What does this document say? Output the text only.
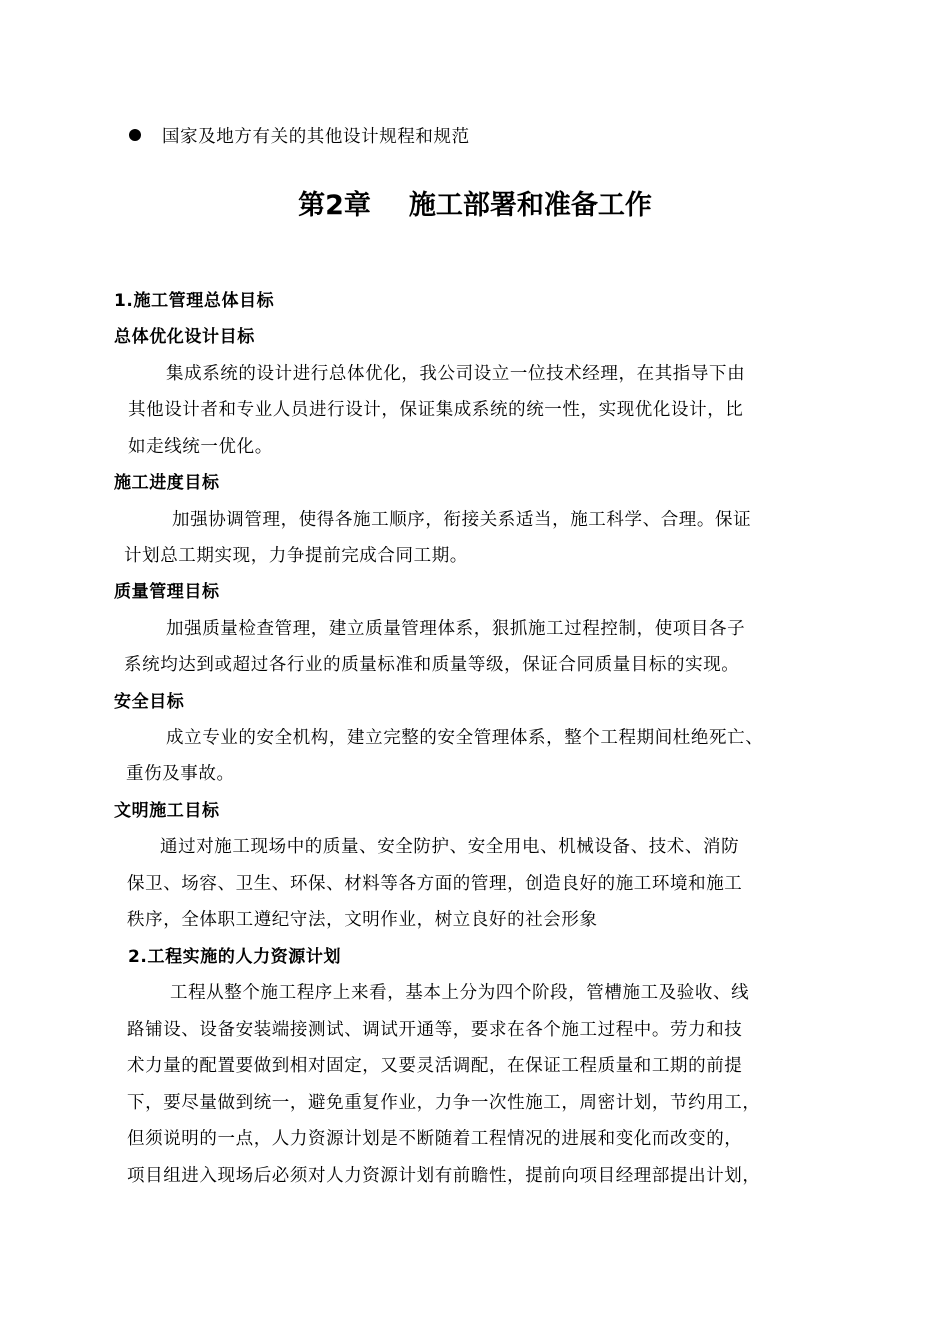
国家及地方有关的其他设计规程和规范
第2章 施工部署和准备工作
1.施工管理总体目标
总体优化设计目标
集成系统的设计进行总体优化，我公司设立一位技术经理，在其指导下由
其他设计者和专业人员进行设计，保证集成系统的统一性，实现优化设计，比
如走线统一优化。
施工进度目标
加强协调管理，使得各施工顺序，衔接关系适当，施工科学、合理。保证
计划总工期实现，力争提前完成合同工期。
质量管理目标
加强质量检查管理，建立质量管理体系，狠抓施工过程控制，使项目各子
系统均达到或超过各行业的质量标准和质量等级，保证合同质量目标的实现。
安全目标
成立专业的安全机构，建立完整的安全管理体系，整个工程期间杜绝死亡、
重伤及事故。
文明施工目标
通过对施工现场中的质量、安全防护、安全用电、机械设备、技术、消防
保卫、场容、卫生、环保、材料等各方面的管理，创造良好的施工环境和施工
秩序，全体职工遵纪守法，文明作业，树立良好的社会形象
2.工程实施的人力资源计划
工程从整个施工程序上来看，基本上分为四个阶段，管槽施工及验收、线
路铺设、设备安装端接测试、调试开通等，要求在各个施工过程中。劳力和技
术力量的配置要做到相对固定，又要灵活调配，在保证工程质量和工期的前提
下，要尽量做到统一，避免重复作业，力争一次性施工，周密计划，节约用工，
但须说明的一点，人力资源计划是不断随着工程情况的进展和变化而改变的，
项目组进入现场后必须对人力资源计划有前瞻性，提前向项目经理部提出计划，
